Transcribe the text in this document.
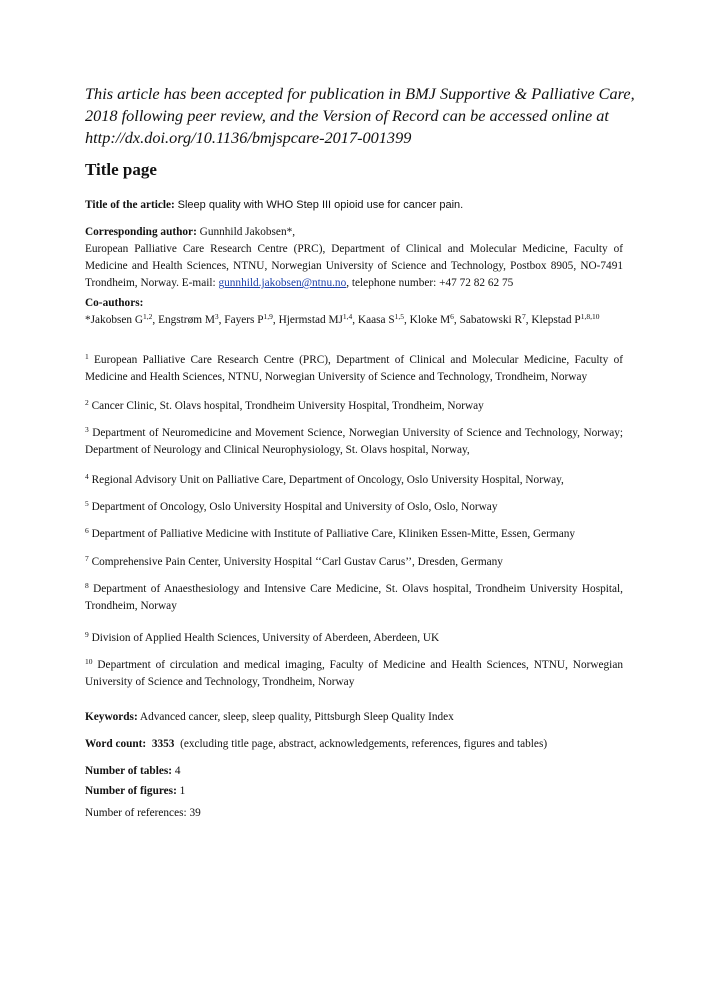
This article has been accepted for publication in BMJ Supportive & Palliative Care, 2018 following peer review, and the Version of Record can be accessed online at http://dx.doi.org/10.1136/bmjspcare-2017-001399
Title page
Title of the article: Sleep quality with WHO Step III opioid use for cancer pain.
Corresponding author: Gunnhild Jakobsen*,
European Palliative Care Research Centre (PRC), Department of Clinical and Molecular Medicine, Faculty of Medicine and Health Sciences, NTNU, Norwegian University of Science and Technology, Postbox 8905, NO-7491 Trondheim, Norway. E-mail: gunnhild.jakobsen@ntnu.no, telephone number: +47 72 82 62 75
Co-authors:
*Jakobsen G$^{1,2}$, Engstrøm $M^3$, Fayers P$^{1,9}$, Hjermstad MJ$^{1,4}$, Kaasa S$^{1,5}$, Kloke $M^6$, Sabatowski $R^7$, Klepstad P$^{1,8,10}$
$^1$ European Palliative Care Research Centre (PRC), Department of Clinical and Molecular Medicine, Faculty of Medicine and Health Sciences, NTNU, Norwegian University of Science and Technology, Trondheim, Norway
$^2$ Cancer Clinic, St. Olavs hospital, Trondheim University Hospital, Trondheim, Norway
$^3$ Department of Neuromedicine and Movement Science, Norwegian University of Science and Technology, Norway; Department of Neurology and Clinical Neurophysiology, St. Olavs hospital, Norway,
$^4$ Regional Advisory Unit on Palliative Care, Department of Oncology, Oslo University Hospital, Norway,
$^5$ Department of Oncology, Oslo University Hospital and University of Oslo, Oslo, Norway
$^6$ Department of Palliative Medicine with Institute of Palliative Care, Kliniken Essen-Mitte, Essen, Germany
$^7$ Comprehensive Pain Center, University Hospital ‘‘Carl Gustav Carus’’, Dresden, Germany
$^8$ Department of Anaesthesiology and Intensive Care Medicine, St. Olavs hospital, Trondheim University Hospital, Trondheim, Norway
$^9$ Division of Applied Health Sciences, University of Aberdeen, Aberdeen, UK
$^{10}$ Department of circulation and medical imaging, Faculty of Medicine and Health Sciences, NTNU, Norwegian University of Science and Technology, Trondheim, Norway
Keywords: Advanced cancer, sleep, sleep quality, Pittsburgh Sleep Quality Index
Word count: 3353 (excluding title page, abstract, acknowledgements, references, figures and tables)
Number of tables: 4
Number of figures: 1
Number of references: 39
